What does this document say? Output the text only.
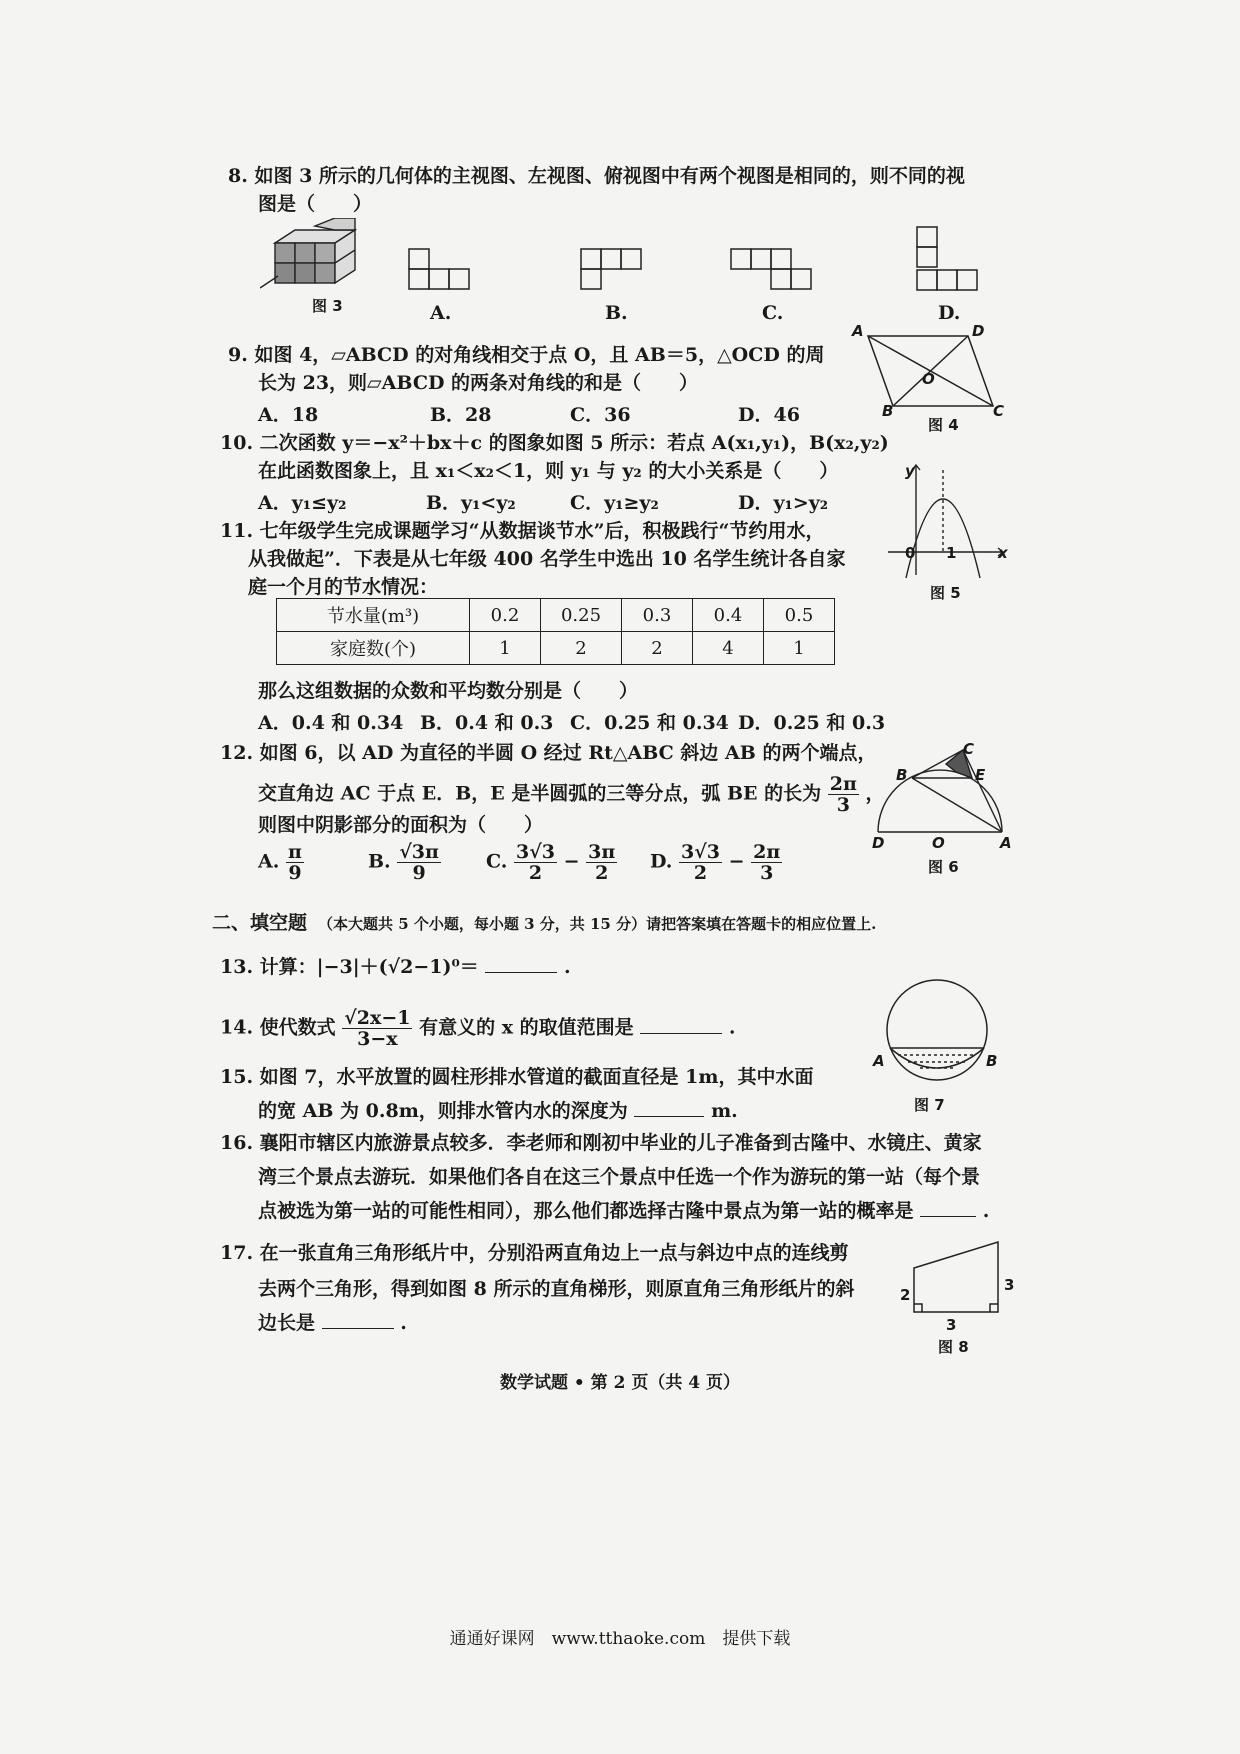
8. 如图 3 所示的几何体的主视图、左视图、俯视图中有两个视图是相同的，则不同的视
图是（　　）
图 3	A.	B.	C.	D.
9. 如图 4，▱ABCD 的对角线相交于点 O，且 AB＝5，△OCD 的周
长为 23，则▱ABCD 的两条对角线的和是（　　）
A．18	B．28	C．36	D．46
A	D
O
B	C
图 4
10. 二次函数 y＝−x²＋bx＋c 的图象如图 5 所示：若点 A(x₁,y₁)，B(x₂,y₂)
在此函数图象上，且 x₁＜x₂＜1，则 y₁ 与 y₂ 的大小关系是（　　）
A．y₁≤y₂	B．y₁<y₂	C．y₁≥y₂	D．y₁>y₂
y
x
0 1
图 5
11. 七年级学生完成课题学习“从数据谈节水”后，积极践行“节约用水，
从我做起”．下表是从七年级 400 名学生中选出 10 名学生统计各自家
庭一个月的节水情况：
节水量(m³)	0.2	0.25	0.3	0.4	0.5
家庭数(个)	1	2	2	4	1
那么这组数据的众数和平均数分别是（　　）
A．0.4 和 0.34 B．0.4 和 0.3 C．0.25 和 0.34 D．0.25 和 0.3
12. 如图 6，以 AD 为直径的半圆 O 经过 Rt△ABC 斜边 AB 的两个端点，
交直角边 AC 于点 E．B，E 是半圆弧的三等分点，弧 BE 的长为 $\frac{2\pi}{3}$ ，
则图中阴影部分的面积为（　　）
A. $\frac{\pi}{9}$	B. $\frac{√3\pi}{9} C$. $\frac{3√3}{2} - \frac{3\pi}{2} D$. $\frac{3√3}{2} - \frac{2\pi}{3}$
C
B	E
D	O	A
图 6
二、填空题 （本大题共 5 个小题，每小题 3 分，共 15 分）请把答案填在答题卡的相应位置上.
13. 计算：|−3|＋(√2−1)⁰＝	.
14. 使代数式 $\frac{√2x-1}{3-x}$ 有意义的 x 的取值范围是	.
15. 如图 7，水平放置的圆柱形排水管道的截面直径是 1m，其中水面
的宽 AB 为 0.8m，则排水管内水的深度为	m.
A	B
图 7
16. 襄阳市辖区内旅游景点较多．李老师和刚初中毕业的儿子准备到古隆中、水镜庄、黄家
湾三个景点去游玩．如果他们各自在这三个景点中任选一个作为游玩的第一站（每个景
点被选为第一站的可能性相同），那么他们都选择古隆中景点为第一站的概率是	.
17. 在一张直角三角形纸片中，分别沿两直角边上一点与斜边中点的连线剪
去两个三角形，得到如图 8 所示的直角梯形，则原直角三角形纸片的斜
边长是	.
2
3
3
图 8
数学试题 • 第 2 页（共 4 页）
通通好课网　www.tthaoke.com　提供下载
